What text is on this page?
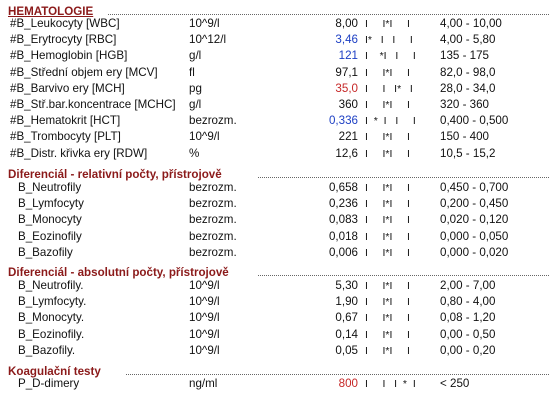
HEMATOLOGIE
#B_Leukocyty [WBC]	10^9/l	8,00 I     I*I     I	4,00 - 10,00
#B_Erytrocyty [RBC]	10^12/l	3,46 I*   I   I     I	4,00 - 5,80
#B_Hemoglobin [HGB]	g/l	121 I    *I   I     I	135 - 175
#B_Střední objem ery [MCV]	fl	97,1 I     I*I     I	82,0 - 98,0
#B_Barvivo ery [MCH]	pg	35,0 I     I   I*   I	28,0 - 34,0
#B_Stř.bar.koncentrace [MCHC] g/l	360 I     I*I     I	320 - 360
#B_Hematokrit [HCT]	bezrozm.	0,336 I  *  I   I     I	0,400 - 0,500
#B_Trombocyty [PLT]	10^9/l	221 I     I*I     I	150 - 400
#B_Distr. křivka ery [RDW]	%	12,6 I     I*I     I	10,5 - 15,2
Diferenciál - relativní počty, přístrojově
B_Neutrofily	bezrozm.	0,658 I     I*I     I	0,450 - 0,700
B_Lymfocyty	bezrozm.	0,236 I     I*I     I	0,200 - 0,450
B_Monocyty	bezrozm.	0,083 I     I*I     I	0,020 - 0,120
B_Eozinofily	bezrozm.	0,018 I     I*I     I	0,000 - 0,050
B_Bazofily	bezrozm.	0,006 I     I*I     I	0,000 - 0,020
Diferenciál - absolutní počty, přístrojově
B_Neutrofily.	10^9/l	5,30 I     I*I     I	2,00 - 7,00
B_Lymfocyty.	10^9/l	1,90 I     I*I     I	0,80 - 4,00
B_Monocyty.	10^9/l	0,67 I     I*I     I	0,08 - 1,20
B_Eozinofily.	10^9/l	0,14 I     I*I     I	0,00 - 0,50
B_Bazofily.	10^9/l	0,05 I     I*I     I	0,00 - 0,20
Koagulační testy
P_D-dimery	ng/ml	800 I     I   I  *  I	< 250
